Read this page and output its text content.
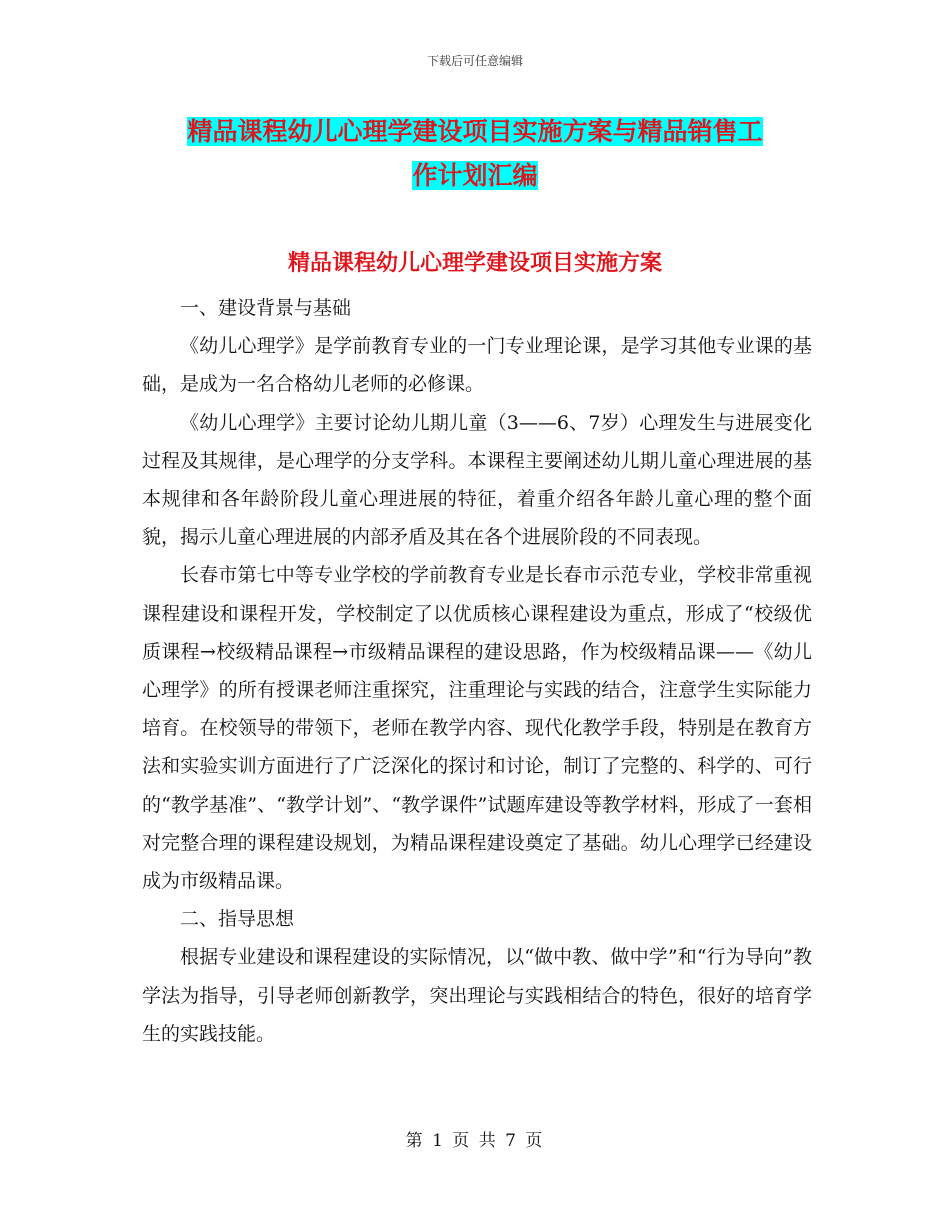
下载后可任意编辑
精品课程幼儿心理学建设项目实施方案与精品销售工
作计划汇编
精品课程幼儿心理学建设项目实施方案

一、建设背景与基础

《幼儿心理学》是学前教育专业的一门专业理论课，是学习其他专业课的基础，是成为一名合格幼儿老师的必修课。

《幼儿心理学》主要讨论幼儿期儿童（3——6、7岁）心理发生与进展变化过程及其规律，是心理学的分支学科。本课程主要阐述幼儿期儿童心理进展的基本规律和各年龄阶段儿童心理进展的特征，着重介绍各年龄儿童心理的整个面貌，揭示儿童心理进展的内部矛盾及其在各个进展阶段的不同表现。

长春市第七中等专业学校的学前教育专业是长春市示范专业，学校非常重视课程建设和课程开发，学校制定了以优质核心课程建设为重点，形成了“校级优质课程→校级精品课程→市级精品课程的建设思路，作为校级精品课——《幼儿心理学》的所有授课老师注重探究，注重理论与实践的结合，注意学生实际能力培育。在校领导的带领下，老师在教学内容、现代化教学手段，特别是在教育方法和实验实训方面进行了广泛深化的探讨和讨论，制订了完整的、科学的、可行的“教学基准”、“教学计划”、“教学课件”试题库建设等教学材料，形成了一套相对完整合理的课程建设规划，为精品课程建设奠定了基础。幼儿心理学已经建设成为市级精品课。

二、指导思想

根据专业建设和课程建设的实际情况，以“做中教、做中学”和“行为导向”教学法为指导，引导老师创新教学，突出理论与实践相结合的特色，很好的培育学生的实践技能。

第 1 页 共 7 页
